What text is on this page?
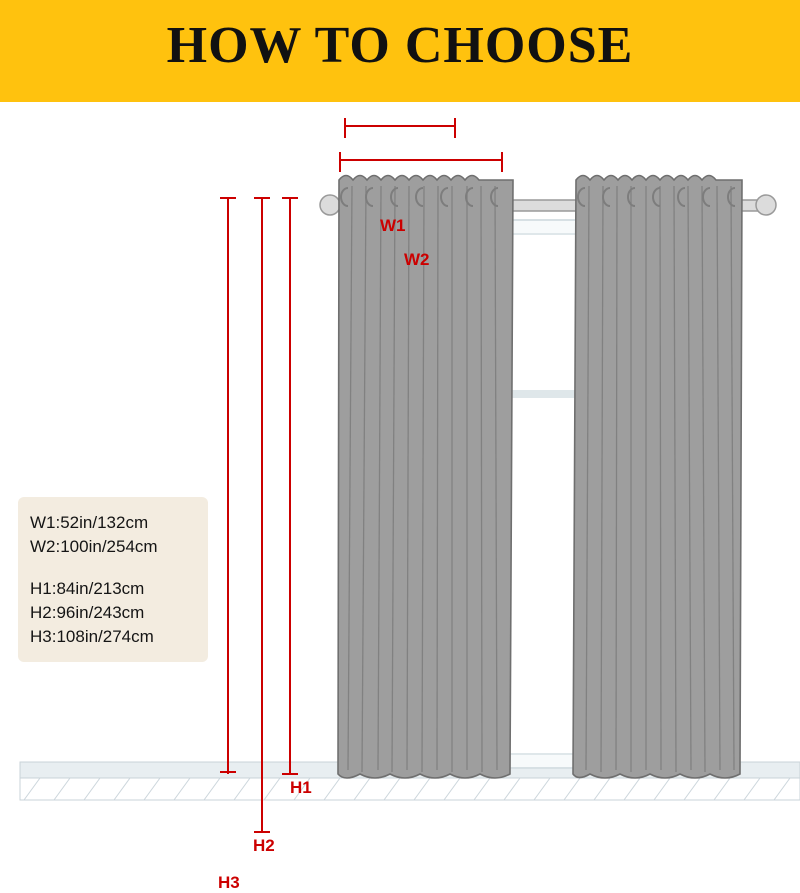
HOW TO CHOOSE
W1
W2
H1
H2
H3
W1:52in/132cm
W2:100in/254cm
H1:84in/213cm
H2:96in/243cm
H3:108in/274cm
